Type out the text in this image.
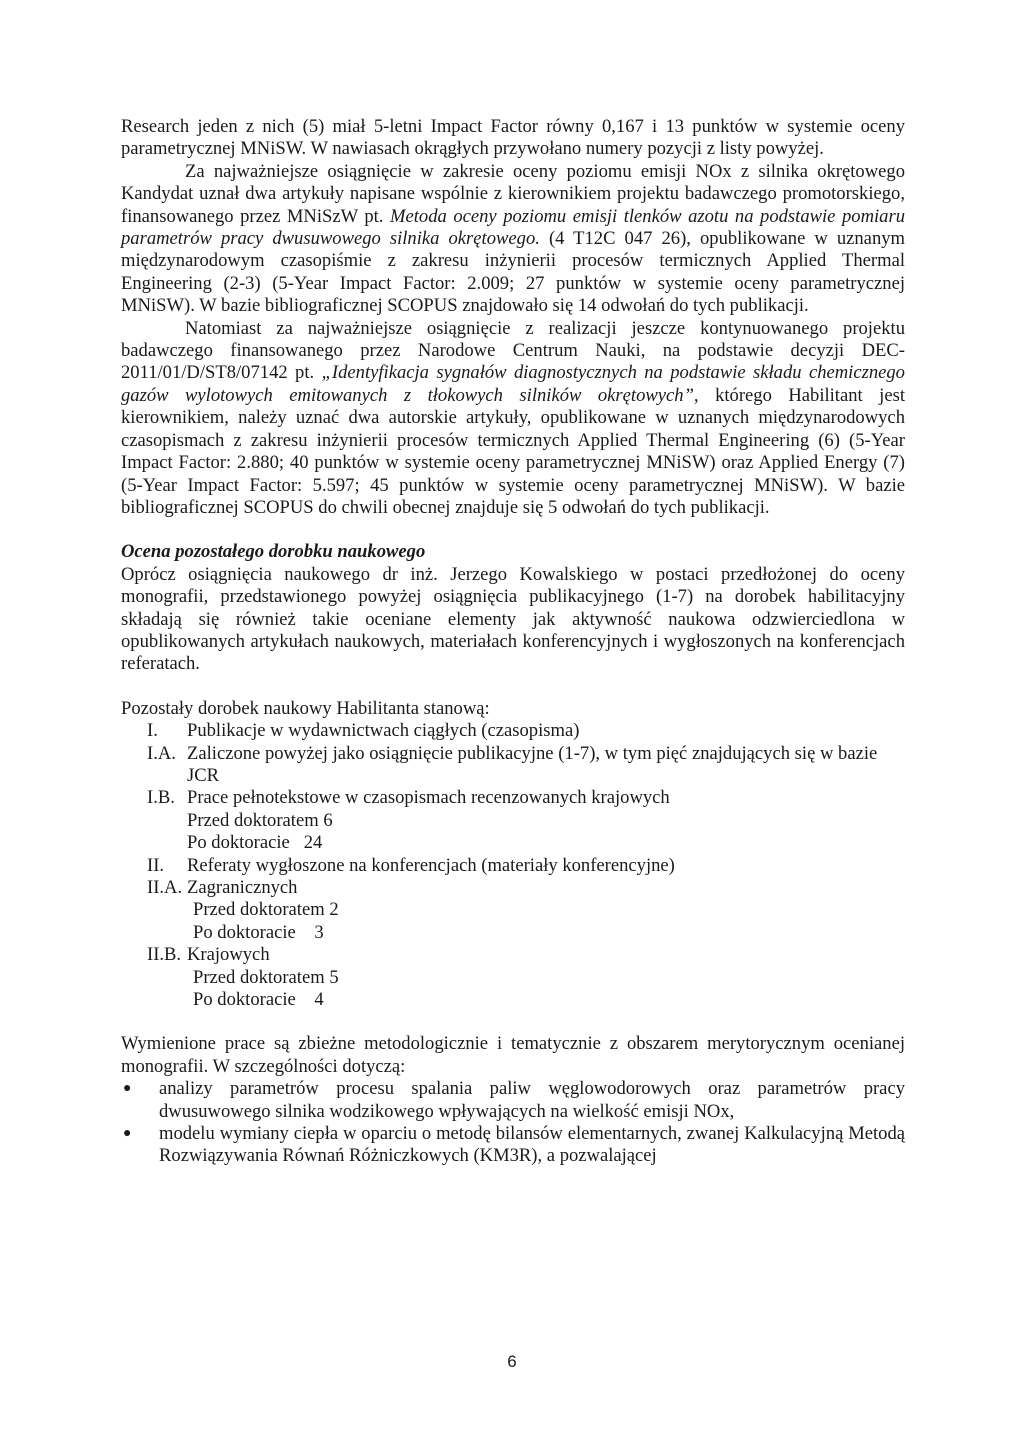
Research jeden z nich (5) miał 5-letni Impact Factor równy 0,167 i 13 punktów w systemie oceny parametrycznej MNiSW. W nawiasach okrągłych przywołano numery pozycji z listy powyżej.

Za najważniejsze osiągnięcie w zakresie oceny poziomu emisji NOx z silnika okrętowego Kandydat uznał dwa artykuły napisane wspólnie z kierownikiem projektu badawczego promotorskiego, finansowanego przez MNiSzW pt. Metoda oceny poziomu emisji tlenków azotu na podstawie pomiaru parametrów pracy dwusuwowego silnika okrętowego. (4 T12C 047 26), opublikowane w uznanym międzynarodowym czasopiśmie z zakresu inżynierii procesów termicznych Applied Thermal Engineering (2-3) (5-Year Impact Factor: 2.009; 27 punktów w systemie oceny parametrycznej MNiSW). W bazie bibliograficznej SCOPUS znajdowało się 14 odwołań do tych publikacji.

Natomiast za najważniejsze osiągnięcie z realizacji jeszcze kontynuowanego projektu badawczego finansowanego przez Narodowe Centrum Nauki, na podstawie decyzji DEC-2011/01/D/ST8/07142 pt. „Identyfikacja sygnałów diagnostycznych na podstawie składu chemicznego gazów wylotowych emitowanych z tłokowych silników okrętowych”, którego Habilitant jest kierownikiem, należy uznać dwa autorskie artykuły, opublikowane w uznanych międzynarodowych czasopismach z zakresu inżynierii procesów termicznych Applied Thermal Engineering (6) (5-Year Impact Factor: 2.880; 40 punktów w systemie oceny parametrycznej MNiSW) oraz Applied Energy (7) (5-Year Impact Factor: 5.597; 45 punktów w systemie oceny parametrycznej MNiSW). W bazie bibliograficznej SCOPUS do chwili obecnej znajduje się 5 odwołań do tych publikacji.

Ocena pozostałego dorobku naukowego

Oprócz osiągnięcia naukowego dr inż. Jerzego Kowalskiego w postaci przedłożonej do oceny monografii, przedstawionego powyżej osiągnięcia publikacyjnego (1-7) na dorobek habilitacyjny składają się również takie oceniane elementy jak aktywność naukowa odzwierciedlona w opublikowanych artykułach naukowych, materiałach konferencyjnych i wygłoszonych na konferencjach referatach.

Pozostały dorobek naukowy Habilitanta stanową:

I.	Publikacje w wydawnictwach ciągłych (czasopisma)
I.A. Zaliczone powyżej jako osiągnięcie publikacyjne (1-7), w tym pięć znajdujących się w bazie JCR
I.B. Prace pełnotekstowe w czasopismach recenzowanych krajowych

Przed doktoratem 6

Po doktoracie 24

II.	Referaty wygłoszone na konferencjach (materiały konferencyjne)
II.A. Zagranicznych

Przed doktoratem 2

Po doktoracie 3

II.B. Krajowych

Przed doktoratem 5

Po doktoracie 4

Wymienione prace są zbieżne metodologicznie i tematycznie z obszarem merytorycznym ocenianej monografii. W szczególności dotyczą:

●	analizy parametrów procesu spalania paliw węglowodorowych oraz parametrów pracy dwusuwowego silnika wodzikowego wpływających na wielkość emisji NOx,
●	modelu wymiany ciepła w oparciu o metodę bilansów elementarnych, zwanej Kalkulacyjną Metodą Rozwiązywania Równań Różniczkowych (KM3R), a pozwalającej
6
